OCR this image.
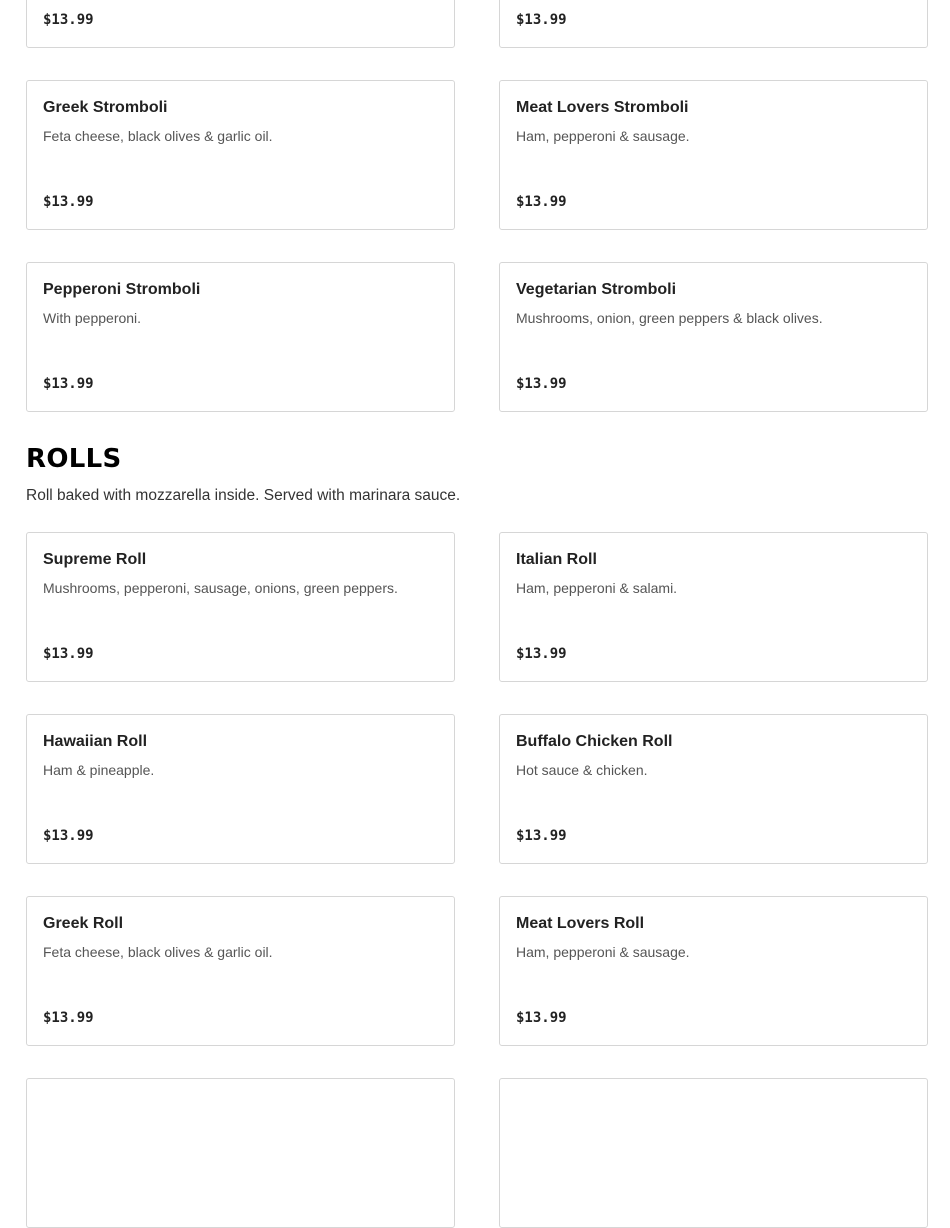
$13.99	$13.99
Greek Stromboli
Feta cheese, black olives & garlic oil.
$13.99
Meat Lovers Stromboli
Ham, pepperoni & sausage.
$13.99
Pepperoni Stromboli
With pepperoni.
$13.99
Vegetarian Stromboli
Mushrooms, onion, green peppers & black olives.
$13.99
ROLLS

Roll baked with mozzarella inside. Served with marinara sauce.

Supreme Roll
Mushrooms, pepperoni, sausage, onions, green peppers.
$13.99
Italian Roll
Ham, pepperoni & salami.
$13.99
Hawaiian Roll
Ham & pineapple.
$13.99
Buffalo Chicken Roll
Hot sauce & chicken.
$13.99
Greek Roll
Feta cheese, black olives & garlic oil.
$13.99
Meat Lovers Roll
Ham, pepperoni & sausage.
$13.99
